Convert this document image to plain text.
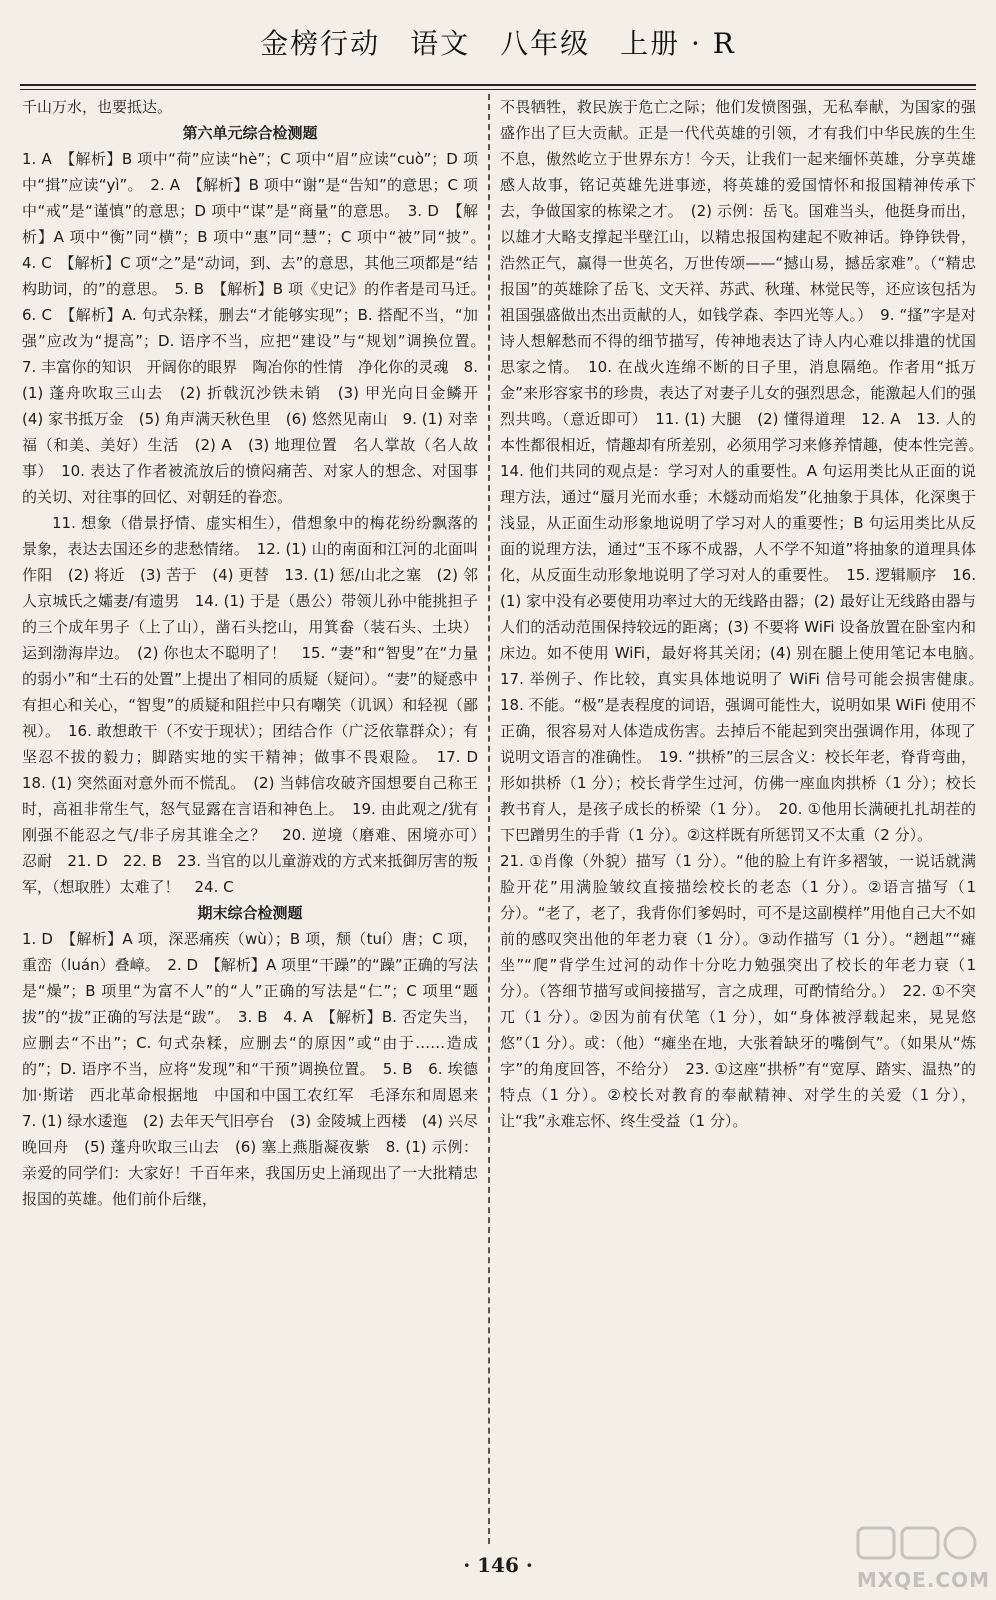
金榜行动　语文　八年级　上册 · R

千山万水，也要抵达。

第六单元综合检测题

1. A　【解析】B 项中“荷”应读“hè”；C 项中“眉”应读“cuò”；D 项中“揖”应读“yì”。　2. A　【解析】B 项中“谢”是“告知”的意思；C 项中“戒”是“谨慎”的意思；D 项中“谋”是“商量”的意思。　3. D　【解析】A 项中“衡”同“横”；B 项中“惠”同“慧”；C 项中“被”同“披”。　4. C　【解析】C 项“之”是“动词，到、去”的意思，其他三项都是“结构助词，的”的意思。　5. B　【解析】B 项《史记》的作者是司马迁。　6. C　【解析】A. 句式杂糅，删去“才能够实现”；B. 搭配不当，“加强”应改为“提高”；D. 语序不当，应把“建设”与“规划”调换位置。　7. 丰富你的知识　开阔你的眼界　陶冶你的性情　净化你的灵魂　8. (1) 蓬舟吹取三山去　(2) 折戟沉沙铁未销　(3) 甲光向日金鳞开　(4) 家书抵万金　(5) 角声满天秋色里　(6) 悠然见南山　9. (1) 对幸福（和美、美好）生活　(2) A　(3) 地理位置　名人掌故（名人故事）　10. 表达了作者被流放后的愤闷痛苦、对家人的想念、对国事的关切、对往事的回忆、对朝廷的眷恋。

11. 想象（借景抒情、虚实相生），借想象中的梅花纷纷飘落的景象，表达去国还乡的悲愁情绪。　12. (1) 山的南面和江河的北面叫作阳　(2) 将近　(3) 苦于　(4) 更替　13. (1) 惩/山北之塞　(2) 邻人京城氏之孀妻/有遗男　14. (1) 于是（愚公）带领儿孙中能挑担子的三个成年男子（上了山），凿石头挖山，用箕畚（装石头、土块）运到渤海岸边。　(2) 你也太不聪明了！　15. “妻”和“智叟”在“力量的弱小”和“土石的处置”上提出了相同的质疑（疑问）。“妻”的疑惑中有担心和关心，“智叟”的质疑和阻拦中只有嘲笑（讥讽）和轻视（鄙视）。　16. 敢想敢干（不安于现状）；团结合作（广泛依靠群众）；有坚忍不拔的毅力；脚踏实地的实干精神；做事不畏艰险。　17. D　18. (1) 突然面对意外而不慌乱。　(2) 当韩信攻破齐国想要自己称王时，高祖非常生气，怒气显露在言语和神色上。　19. 由此观之/犹有刚强不能忍之气/非子房其谁全之？　20. 逆境（磨难、困境亦可）　忍耐　21. D　22. B　23. 当官的以儿童游戏的方式来抵御厉害的叛军，（想取胜）太难了！　24. C

期末综合检测题

1. D　【解析】A 项，深恶痛疾（wù）；B 项，颓（tuí）唐；C 项，重峦（luán）叠嶂。　2. D　【解析】A 项里“干躁”的“躁”正确的写法是“燥”；B 项里“为富不人”的“人”正确的写法是“仁”；C 项里“题拔”的“拔”正确的写法是“跋”。　3. B　4. A　【解析】B. 否定失当，应删去“不出”；C. 句式杂糅，应删去“的原因”或“由于……造成的”；D. 语序不当，应将“发现”和“干预”调换位置。　5. B　6. 埃德加·斯诺　西北革命根据地　中国和中国工农红军　毛泽东和周恩来　7. (1) 绿水逶迤　(2) 去年天气旧亭台　(3) 金陵城上西楼　(4) 兴尽晚回舟　(5) 蓬舟吹取三山去　(6) 塞上燕脂凝夜紫　8. (1) 示例：亲爱的同学们：大家好！千百年来，我国历史上涌现出了一大批精忠报国的英雄。他们前仆后继，

不畏牺牲，救民族于危亡之际；他们发愤图强，无私奉献，为国家的强盛作出了巨大贡献。正是一代代英雄的引领，才有我们中华民族的生生不息，傲然屹立于世界东方！今天，让我们一起来缅怀英雄，分享英雄感人故事，铭记英雄先进事迹，将英雄的爱国情怀和报国精神传承下去，争做国家的栋梁之才。　(2) 示例：岳飞。国难当头，他挺身而出，以雄才大略支撑起半壁江山，以精忠报国构建起不败神话。铮铮铁骨，浩然正气，赢得一世英名，万世传颂——“撼山易，撼岳家难”。（“精忠报国”的英雄除了岳飞、文天祥、苏武、秋瑾、林觉民等，还应该包括为祖国强盛做出杰出贡献的人，如钱学森、李四光等人。）　9. “搔”字是对诗人想解愁而不得的细节描写，传神地表达了诗人内心难以排遣的忧国思家之情。　10. 在战火连绵不断的日子里，消息隔绝。作者用“抵万金”来形容家书的珍贵，表达了对妻子儿女的强烈思念，能激起人们的强烈共鸣。（意近即可）　11. (1) 大腿　(2) 懂得道理　12. A　13. 人的本性都很相近，情趣却有所差别，必须用学习来修养情趣，使本性完善。　14. 他们共同的观点是：学习对人的重要性。A 句运用类比从正面的说理方法，通过“蜃月光而水垂；木燧动而焰发”化抽象于具体，化深奥于浅显，从正面生动形象地说明了学习对人的重要性；B 句运用类比从反面的说理方法，通过“玉不琢不成器，人不学不知道”将抽象的道理具体化，从反面生动形象地说明了学习对人的重要性。　15. 逻辑顺序　16. (1) 家中没有必要使用功率过大的无线路由器；(2) 最好让无线路由器与人们的活动范围保持较远的距离；(3) 不要将 WiFi 设备放置在卧室内和床边。如不使用 WiFi，最好将其关闭；(4) 别在腿上使用笔记本电脑。　17. 举例子、作比较，真实具体地说明了 WiFi 信号可能会损害健康。　18. 不能。“极”是表程度的词语，强调可能性大，说明如果 WiFi 使用不正确，很容易对人体造成伤害。去掉后不能起到突出强调作用，体现了说明文语言的准确性。　19. “拱桥”的三层含义：校长年老，脊背弯曲，形如拱桥（1 分）；校长背学生过河，仿佛一座血肉拱桥（1 分）；校长教书育人，是孩子成长的桥梁（1 分）。　20. ①他用长满硬扎扎胡茬的下巴蹭男生的手背（1 分）。②这样既有所惩罚又不太重（2 分）。

21. ①肖像（外貌）描写（1 分）。“他的脸上有许多褶皱，一说话就满脸开花”用满脸皱纹直接描绘校长的老态（1 分）。②语言描写（1 分）。“老了，老了，我背你们爹妈时，可不是这副模样”用他自己大不如前的感叹突出他的年老力衰（1 分）。③动作描写（1 分）。“趔趄”“瘫坐”“爬”背学生过河的动作十分吃力勉强突出了校长的年老力衰（1 分）。（答细节描写或间接描写，言之成理，可酌情给分。）　22. ①不突兀（1 分）。②因为前有伏笔（1 分），如“身体被浮载起来，晃晃悠悠”（1 分）。或：（他）“瘫坐在地，大张着缺牙的嘴倒气”。（如果从“炼字”的角度回答，不给分）　23. ①这座“拱桥”有“宽厚、踏实、温热”的特点（1 分）。②校长对教育的奉献精神、对学生的关爱（1 分），让“我”永难忘怀、终生受益（1 分）。

· 146 ·
MXQE.COM
